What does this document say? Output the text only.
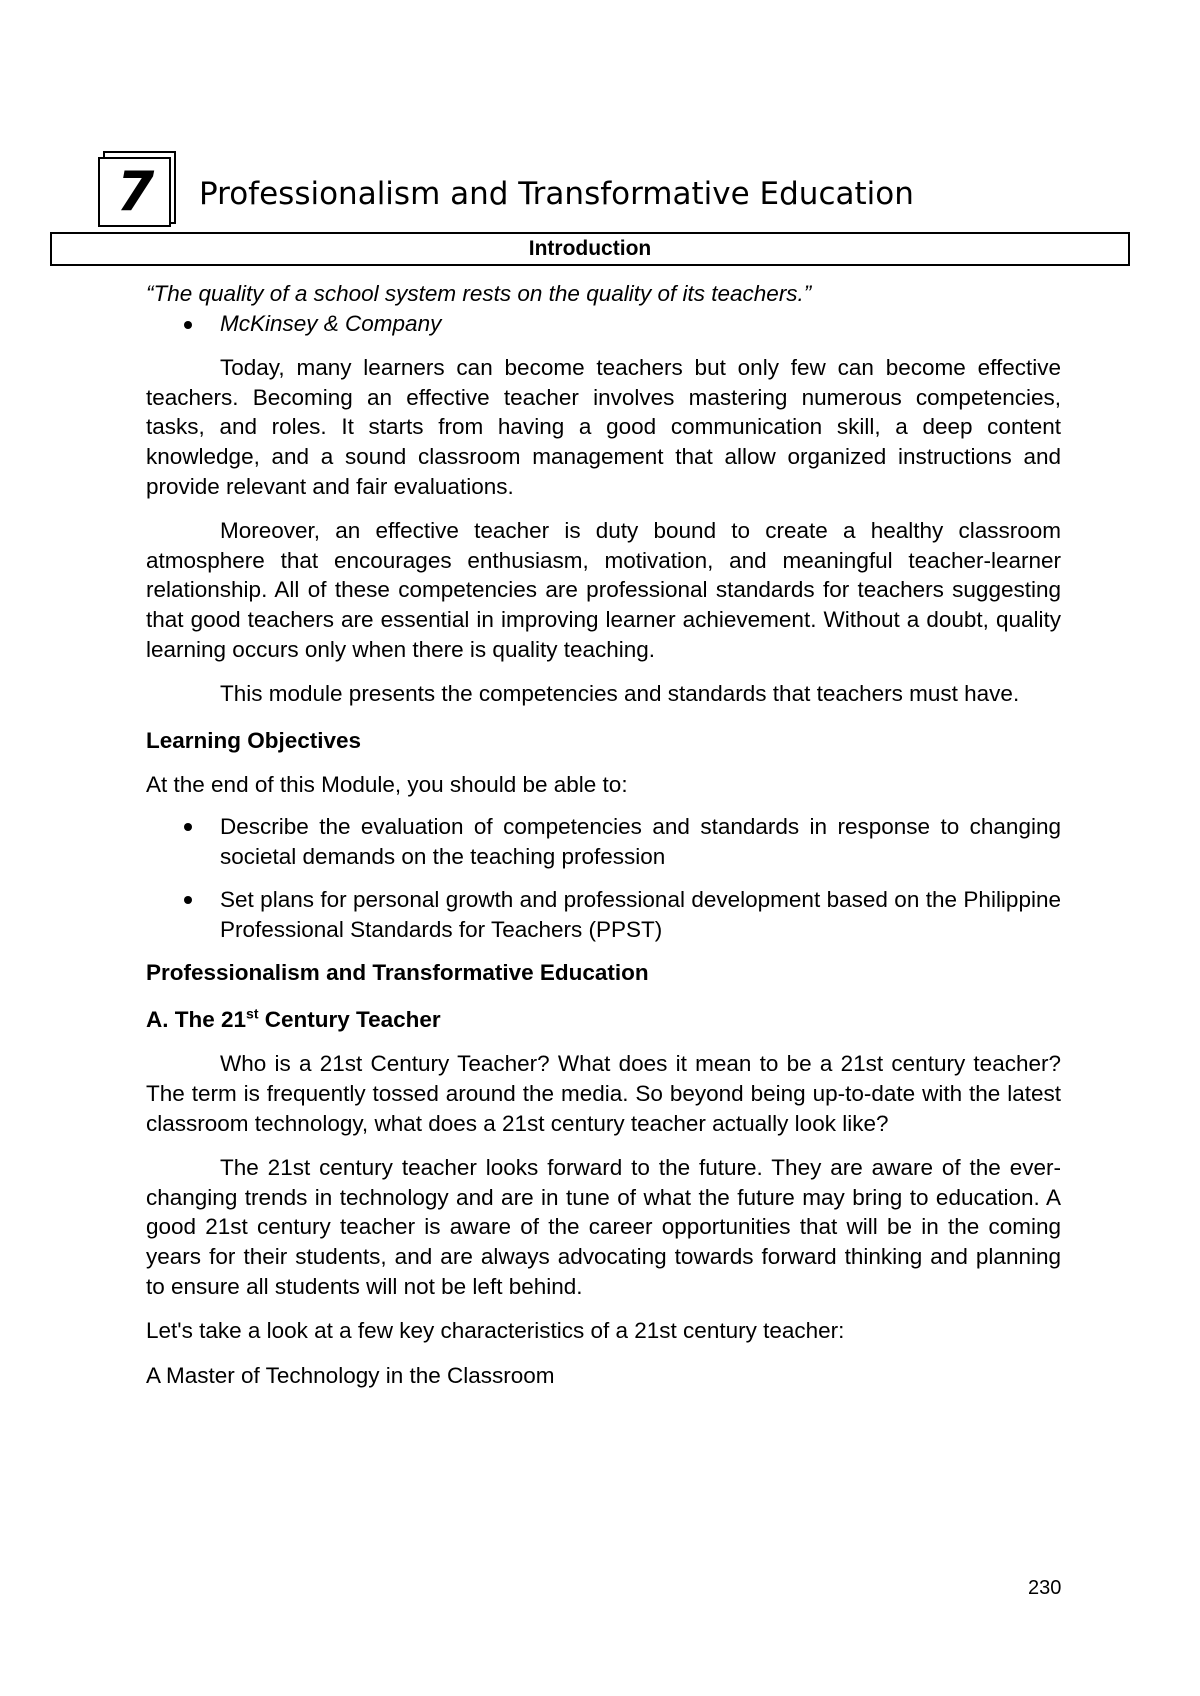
7	Professionalism and Transformative Education
Introduction

“The quality of a school system rests on the quality of its teachers.”

McKinsey & Company

Today, many learners can become teachers but only few can become effective teachers. Becoming an effective teacher involves mastering numerous competencies, tasks, and roles. It starts from having a good communication skill, a deep content knowledge, and a sound classroom management that allow organized instructions and provide relevant and fair evaluations.

Moreover, an effective teacher is duty bound to create a healthy classroom atmosphere that encourages enthusiasm, motivation, and meaningful teacher-learner relationship. All of these competencies are professional standards for teachers suggesting that good teachers are essential in improving learner achievement. Without a doubt, quality learning occurs only when there is quality teaching.

This module presents the competencies and standards that teachers must have.

Learning Objectives

At the end of this Module, you should be able to:

Describe the evaluation of competencies and standards in response to changing societal demands on the teaching profession
Set plans for personal growth and professional development based on the Philippine Professional Standards for Teachers (PPST)

Professionalism and Transformative Education

A. The 21st Century Teacher

Who is a 21st Century Teacher? What does it mean to be a 21st century teacher? The term is frequently tossed around the media. So beyond being up-to-date with the latest classroom technology, what does a 21st century teacher actually look like?

The 21st century teacher looks forward to the future. They are aware of the ever-changing trends in technology and are in tune of what the future may bring to education. A good 21st century teacher is aware of the career opportunities that will be in the coming years for their students, and are always advocating towards forward thinking and planning to ensure all students will not be left behind.

Let's take a look at a few key characteristics of a 21st century teacher:

A Master of Technology in the Classroom

230
